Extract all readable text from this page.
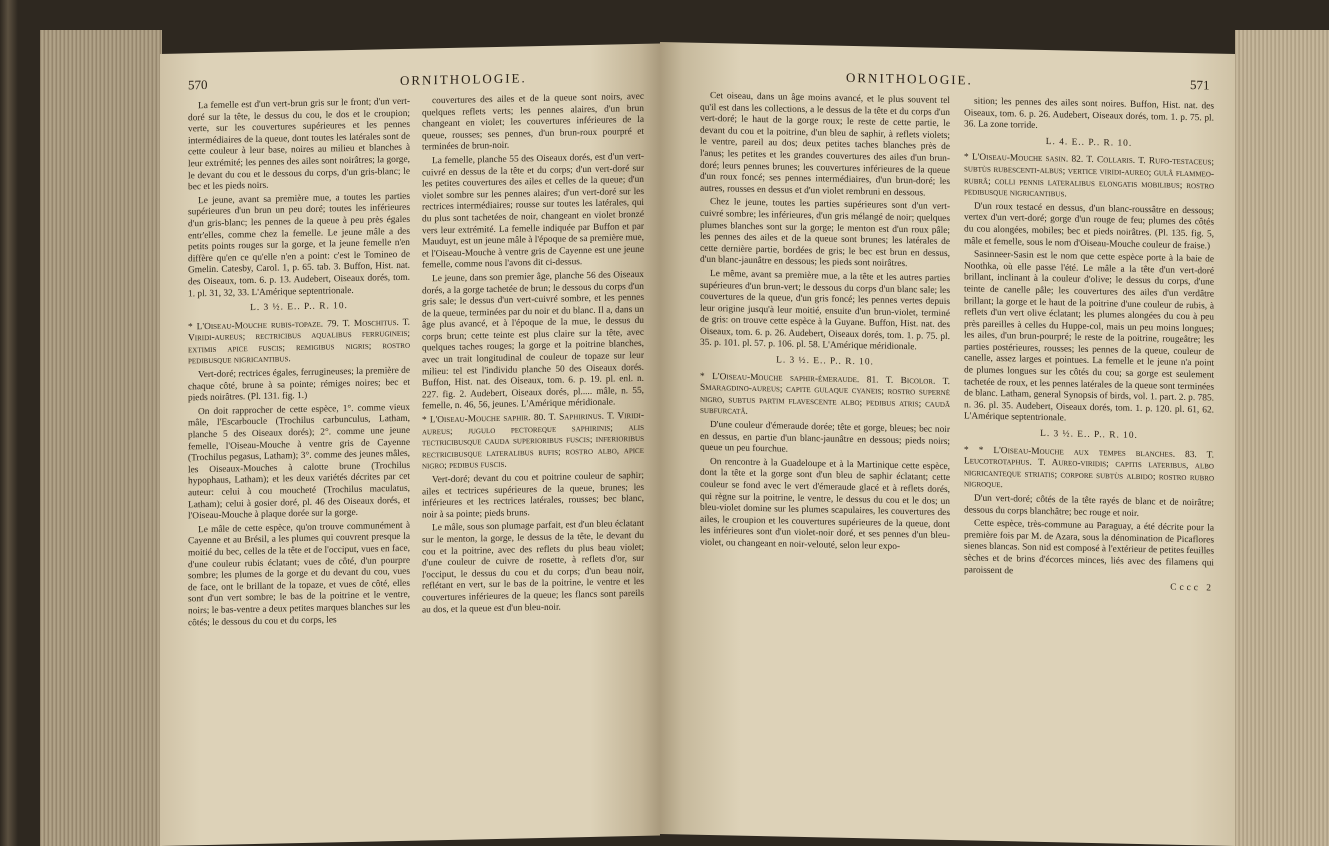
570	ORNITHOLOGIE.

La femelle est d'un vert-brun gris sur le front; d'un vert-doré sur la tête, le dessus du cou, le dos et le croupion; verte, sur les couvertures supérieures et les pennes intermédiaires de la queue, dont toutes les latérales sont de cette couleur à leur base, noires au milieu et blanches à leur extrémité; les pennes des ailes sont noirâtres; la gorge, le devant du cou et le dessous du corps, d'un gris-blanc; le bec et les pieds noirs.

Le jeune, avant sa première mue, a toutes les parties supérieures d'un brun un peu doré; toutes les inférieures d'un gris-blanc; les pennes de la queue à peu près égales entr'elles, comme chez la femelle. Le jeune mâle a des petits points rouges sur la gorge, et la jeune femelle n'en diffère qu'en ce qu'elle n'en a point: c'est le Tomineo de Gmelin. Catesby, Carol. 1, p. 65. tab. 3. Buffon, Hist. nat. des Oiseaux, tom. 6. p. 13. Audebert, Oiseaux dorés, tom. 1. pl. 31, 32, 33. L'Amérique septentrionale.

L. 3 ½. E.. P.. R. 10.

* L'Oiseau-Mouche rubis-topaze. 79. T. Moschitus. T. Viridi-aureus; rectricibus aqualibus ferrugineis; extimis apice fuscis; remigibus nigris; rostro pedibusque nigricantibus.

Vert-doré; rectrices égales, ferrugineuses; la première de chaque côté, brune à sa pointe; rémiges noires; bec et pieds noirâtres. (Pl. 131. fig. 1.)

On doit rapprocher de cette espèce, 1°. comme vieux mâle, l'Escarboucle (Trochilus carbunculus, Latham, planche 5 des Oiseaux dorés); 2°. comme une jeune femelle, l'Oiseau-Mouche à ventre gris de Cayenne (Trochilus pegasus, Latham); 3°. comme des jeunes mâles, les Oiseaux-Mouches à calotte brune (Trochilus hypophaus, Latham); et les deux variétés décrites par cet auteur: celui à cou moucheté (Trochilus maculatus, Latham); celui à gosier doré, pl. 46 des Oiseaux dorés, et l'Oiseau-Mouche à plaque dorée sur la gorge.

Le mâle de cette espèce, qu'on trouve communément à Cayenne et au Brésil, a les plumes qui couvrent presque la moitié du bec, celles de la tête et de l'occiput, vues en face, d'une couleur rubis éclatant; vues de côté, d'un pourpre sombre; les plumes de la gorge et du devant du cou, vues de face, ont le brillant de la topaze, et vues de côté, elles sont d'un vert sombre; le bas de la poitrine et le ventre, noirs; le bas-ventre a deux petites marques blanches sur les côtés; le dessous du cou et du corps, les

couvertures des ailes et de la queue sont noirs, avec quelques reflets verts; les pennes alaires, d'un brun changeant en violet; les couvertures inférieures de la queue, rousses; ses pennes, d'un brun-roux pourpré et terminées de brun-noir.

La femelle, planche 55 des Oiseaux dorés, est d'un vert-cuivré en dessus de la tête et du corps; d'un vert-doré sur les petites couvertures des ailes et celles de la queue; d'un violet sombre sur les pennes alaires; d'un vert-doré sur les rectrices intermédiaires; rousse sur toutes les latérales, qui du plus sont tachetées de noir, changeant en violet bronzé vers leur extrémité. La femelle indiquée par Buffon et par Mauduyt, est un jeune mâle à l'époque de sa première mue, et l'Oiseau-Mouche à ventre gris de Cayenne est une jeune femelle, comme nous l'avons dit ci-dessus.

Le jeune, dans son premier âge, planche 56 des Oiseaux dorés, a la gorge tachetée de brun; le dessous du corps d'un gris sale; le dessus d'un vert-cuivré sombre, et les pennes de la queue, terminées par du noir et du blanc. Il a, dans un âge plus avancé, et à l'époque de la mue, le dessus du corps brun; cette teinte est plus claire sur la tête, avec quelques taches rouges; la gorge et la poitrine blanches, avec un trait longitudinal de couleur de topaze sur leur milieu: tel est l'individu planche 50 des Oiseaux dorés. Buffon, Hist. nat. des Oiseaux, tom. 6. p. 19. pl. enl. n. 227. fig. 2. Audebert, Oiseaux dorés, pl..... mâle, n. 55, femelle, n. 46, 56, jeunes. L'Amérique méridionale.

* L'Oiseau-Mouche saphir. 80. T. Saphirinus. T. Viridi-aureus; jugulo pectoreque saphirinis; alis tectricibusque cauda superioribus fuscis; inferioribus rectricibusque lateralibus rufis; rostro albo, apice nigro; pedibus fuscis.

Vert-doré; devant du cou et poitrine couleur de saphir; ailes et tectrices supérieures de la queue, brunes; les inférieures et les rectrices latérales, rousses; bec blanc, noir à sa pointe; pieds bruns.

Le mâle, sous son plumage parfait, est d'un bleu éclatant sur le menton, la gorge, le dessus de la tête, le devant du cou et la poitrine, avec des reflets du plus beau violet; d'une couleur de cuivre de rosette, à reflets d'or, sur l'occiput, le dessus du cou et du corps; d'un beau noir, reflétant en vert, sur le bas de la poitrine, le ventre et les couvertures inférieures de la queue; les flancs sont pareils au dos, et la queue est d'un bleu-noir.

ORNITHOLOGIE.	571

Cet oiseau, dans un âge moins avancé, et le plus souvent tel qu'il est dans les collections, a le dessus de la tête et du corps d'un vert-doré; le haut de la gorge roux; le reste de cette partie, le devant du cou et la poitrine, d'un bleu de saphir, à reflets violets; le ventre, pareil au dos; deux petites taches blanches près de l'anus; les petites et les grandes couvertures des ailes d'un brun-doré; leurs pennes brunes; les couvertures inférieures de la queue d'un roux foncé; ses pennes intermédiaires, d'un brun-doré; les autres, rousses en dessus et d'un violet rembruni en dessous.

Chez le jeune, toutes les parties supérieures sont d'un vert-cuivré sombre; les inférieures, d'un gris mélangé de noir; quelques plumes blanches sont sur la gorge; le menton est d'un roux pâle; les pennes des ailes et de la queue sont brunes; les latérales de cette dernière partie, bordées de gris; le bec est brun en dessus, d'un blanc-jaunâtre en dessous; les pieds sont noirâtres.

Le même, avant sa première mue, a la tête et les autres parties supérieures d'un brun-vert; le dessous du corps d'un blanc sale; les couvertures de la queue, d'un gris foncé; les pennes vertes depuis leur origine jusqu'à leur moitié, ensuite d'un brun-violet, terminé de gris: on trouve cette espèce à la Guyane. Buffon, Hist. nat. des Oiseaux, tom. 6. p. 26. Audebert, Oiseaux dorés, tom. 1. p. 75. pl. 35. p. 101. pl. 57. p. 106. pl. 58. L'Amérique méridionale.

L. 3 ½. E.. P.. R. 10.

* L'Oiseau-Mouche saphir-émeraude. 81. T. Bicolor. T. Smaragdino-aureus; capite gulaque cyaneis; rostro supernè nigro, subtus partim flavescente albo; pedibus atris; caudâ subfurcatâ.

D'une couleur d'émeraude dorée; tête et gorge, bleues; bec noir en dessus, en partie d'un blanc-jaunâtre en dessous; pieds noirs; queue un peu fourchue.

On rencontre à la Guadeloupe et à la Martinique cette espèce, dont la tête et la gorge sont d'un bleu de saphir éclatant; cette couleur se fond avec le vert d'émeraude glacé et à reflets dorés, qui règne sur la poitrine, le ventre, le dessus du cou et le dos; un bleu-violet domine sur les plumes scapulaires, les couvertures des ailes, le croupion et les couvertures supérieures de la queue, dont les inférieures sont d'un violet-noir doré, et ses pennes d'un bleu-violet, ou changeant en noir-velouté, selon leur expo-

sition; les pennes des ailes sont noires. Buffon, Hist. nat. des Oiseaux, tom. 6. p. 26. Audebert, Oiseaux dorés, tom. 1. p. 75. pl. 36. La zone torride.

L. 4. E.. P.. R. 10.

* L'Oiseau-Mouche sasin. 82. T. Collaris. T. Rufo-testaceus; subtùs rubescenti-albus; vertice viridi-aureo; gulâ flammeo-rubrâ; colli pennis lateralibus elongatis mobilibus; rostro pedibusque nigricantibus.

D'un roux testacé en dessus, d'un blanc-roussâtre en dessous; vertex d'un vert-doré; gorge d'un rouge de feu; plumes des côtés du cou alongées, mobiles; bec et pieds noirâtres. (Pl. 135. fig. 5, mâle et femelle, sous le nom d'Oiseau-Mouche couleur de fraise.)

Sasinneer-Sasin est le nom que cette espèce porte à la baie de Noothka, où elle passe l'été. Le mâle a la tête d'un vert-doré brillant, inclinant à la couleur d'olive; le dessus du corps, d'une teinte de canelle pâle; les couvertures des ailes d'un verdâtre brillant; la gorge et le haut de la poitrine d'une couleur de rubis, à reflets d'un vert olive éclatant; les plumes alongées du cou à peu près pareilles à celles du Huppe-col, mais un peu moins longues; les ailes, d'un brun-pourpré; le reste de la poitrine, rougeâtre; les parties postérieures, rousses; les pennes de la queue, couleur de canelle, assez larges et pointues. La femelle et le jeune n'a point de plumes longues sur les côtés du cou; sa gorge est seulement tachetée de roux, et les pennes latérales de la queue sont terminées de blanc. Latham, general Synopsis of birds, vol. 1. part. 2. p. 785. n. 36. pl. 35. Audebert, Oiseaux dorés, tom. 1. p. 120. pl. 61, 62. L'Amérique septentrionale.

L. 3 ½. E.. P.. R. 10.

* * L'Oiseau-Mouche aux tempes blanches. 83. T. Leucotrotaphus. T. Aureo-viridis; capitis lateribus, albo nigricanteque striatis; corpore subtùs albido; rostro rubro nigroque.

D'un vert-doré; côtés de la tête rayés de blanc et de noirâtre; dessous du corps blanchâtre; bec rouge et noir.

Cette espèce, très-commune au Paraguay, a été décrite pour la première fois par M. de Azara, sous la dénomination de Picaflores sienes blancas. Son nid est composé à l'extérieur de petites feuilles sèches et de brins d'écorces minces, liés avec des filamens qui paroissent de

Cccc 2
